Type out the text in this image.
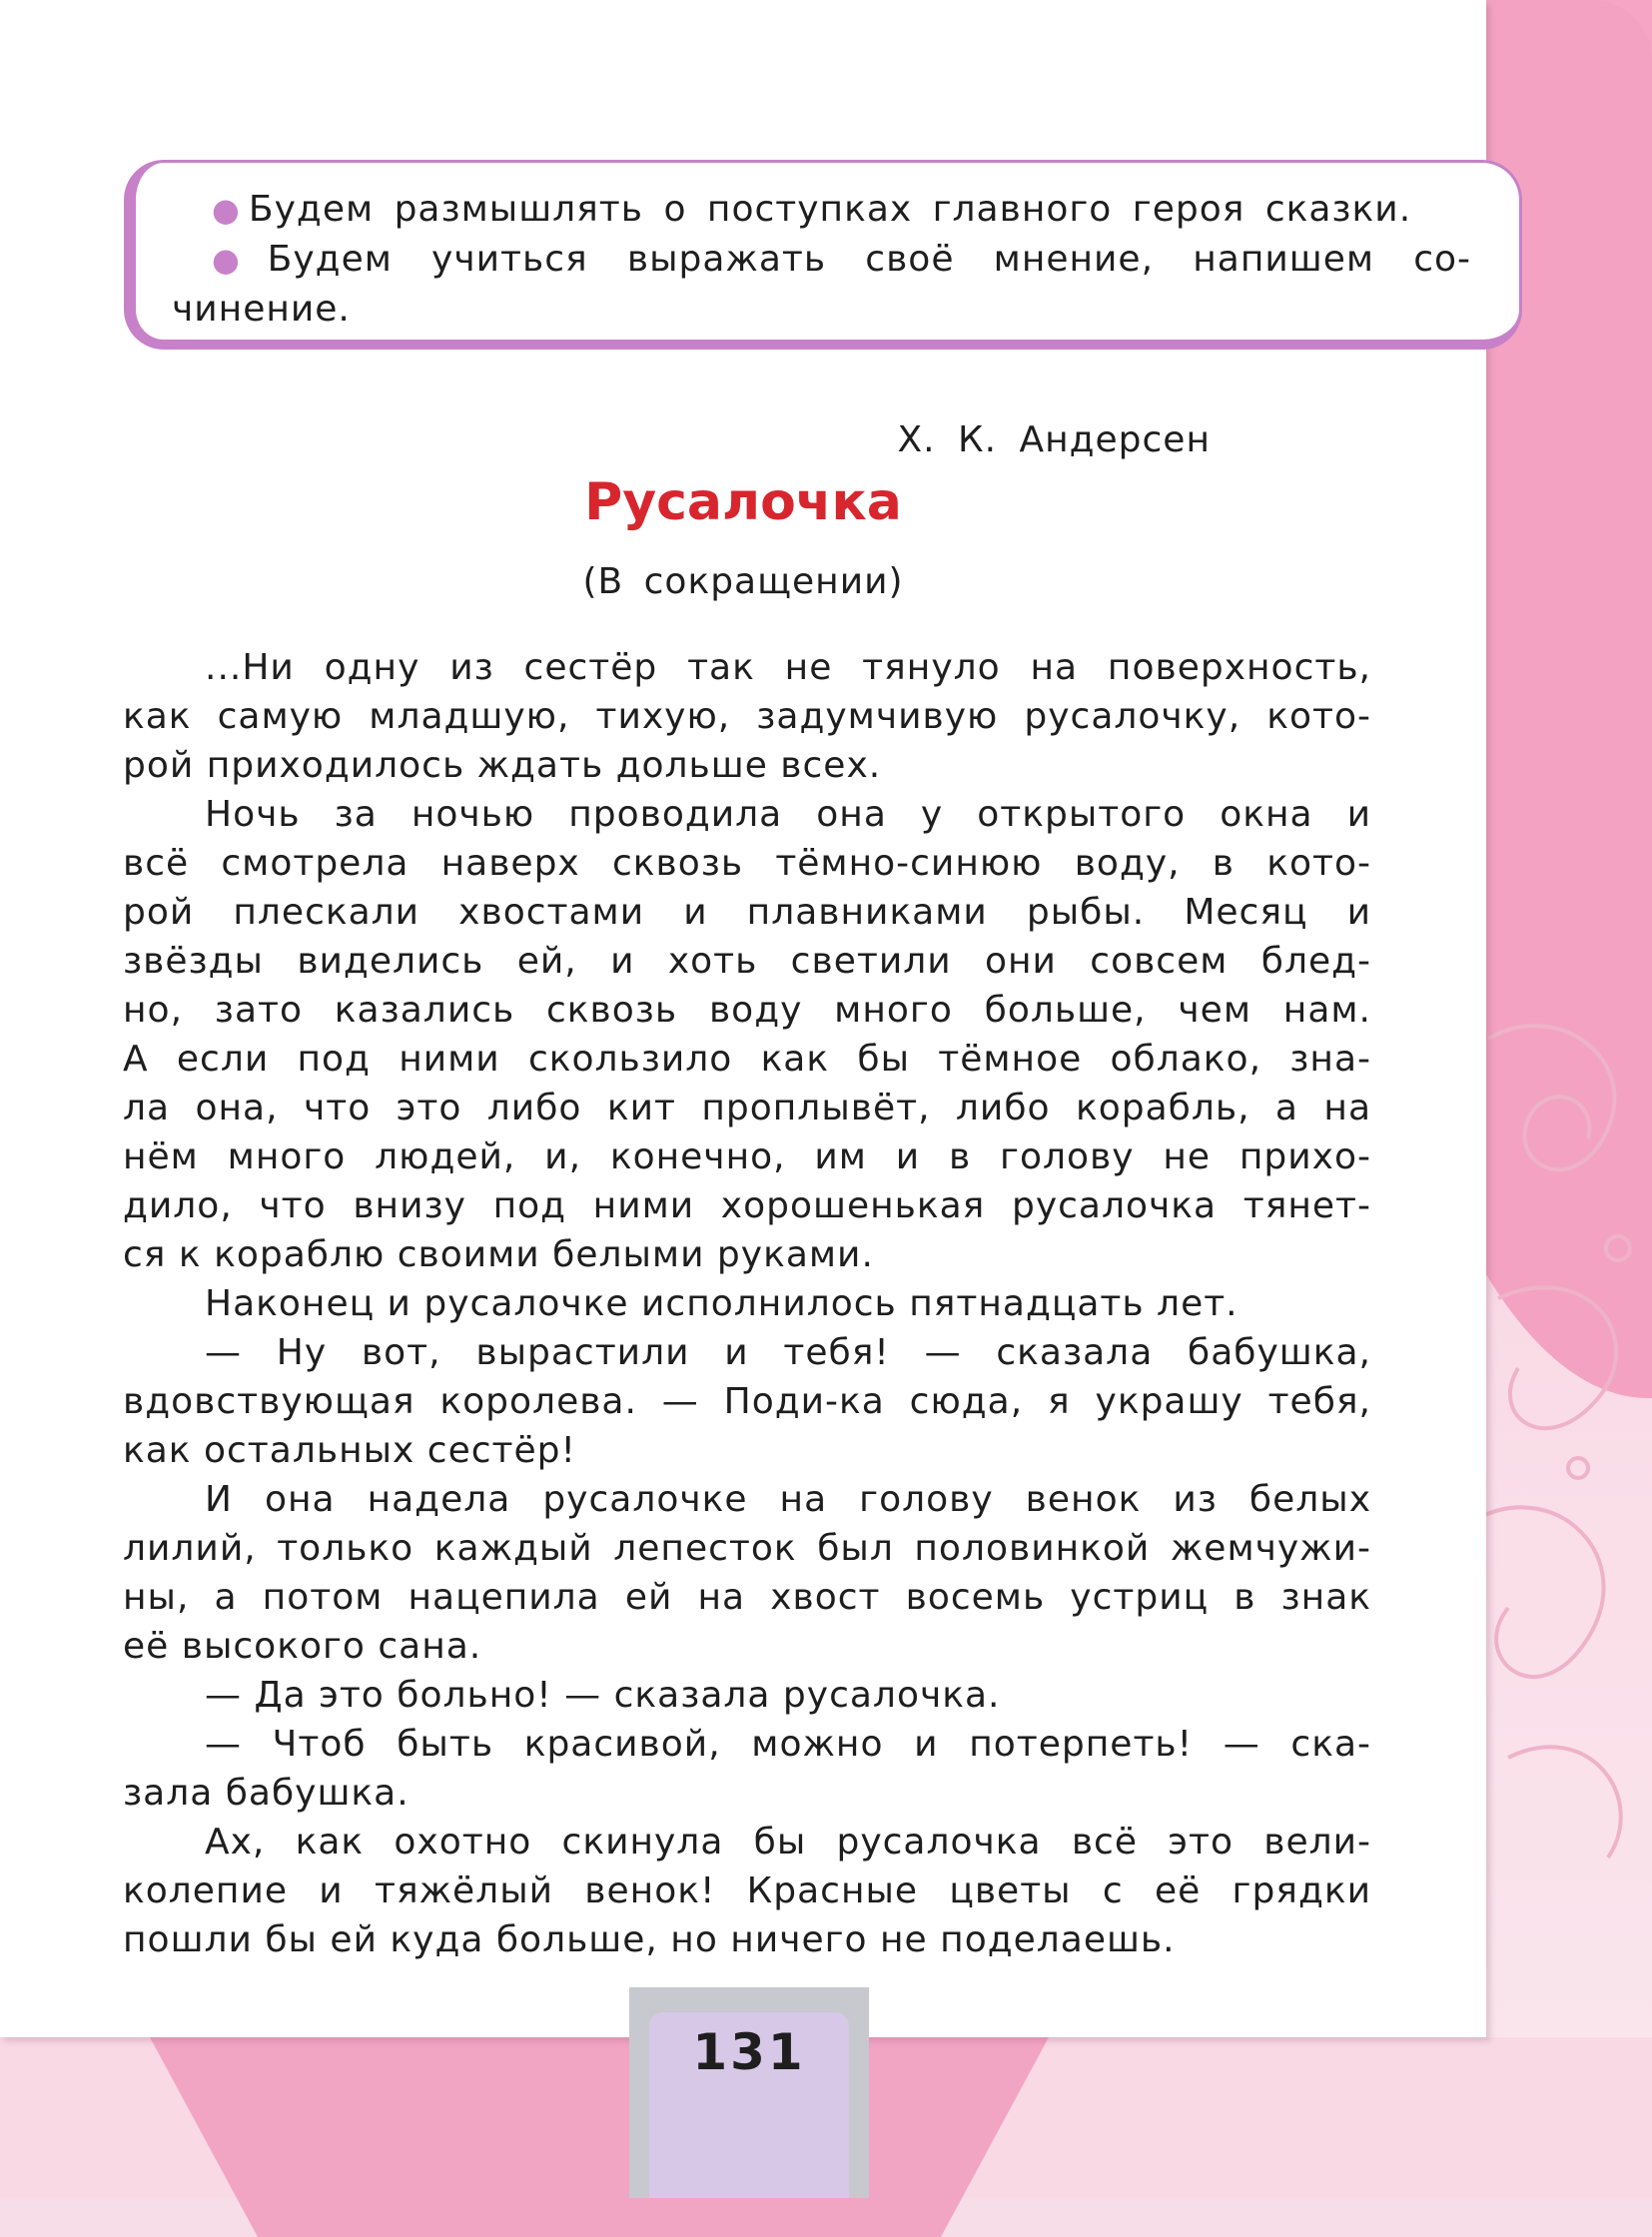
● Будем размышлять о поступках главного героя сказки.
● Будем учиться выражать своё мнение, напишем со-
чинение.
Х. К. Андерсен
Русалочка
(В сокращении)
...Ни одну из сестёр так не тянуло на поверхность,
как самую младшую, тихую, задумчивую русалочку, кото-
рой приходилось ждать дольше всех.
Ночь за ночью проводила она у открытого окна и
всё смотрела наверх сквозь тёмно-синюю воду, в кото-
рой плескали хвостами и плавниками рыбы. Месяц и
звёзды виделись ей, и хоть светили они совсем блед-
но, зато казались сквозь воду много больше, чем нам.
А если под ними скользило как бы тёмное облако, зна-
ла она, что это либо кит проплывёт, либо корабль, а на
нём много людей, и, конечно, им и в голову не прихо-
дило, что внизу под ними хорошенькая русалочка тянет-
ся к кораблю своими белыми руками.
Наконец и русалочке исполнилось пятнадцать лет.
— Ну вот, вырастили и тебя! — сказала бабушка,
вдовствующая королева. — Поди-ка сюда, я украшу тебя,
как остальных сестёр!
И она надела русалочке на голову венок из белых
лилий, только каждый лепесток был половинкой жемчужи-
ны, а потом нацепила ей на хвост восемь устриц в знак
её высокого сана.
— Да это больно! — сказала русалочка.
— Чтоб быть красивой, можно и потерпеть! — ска-
зала бабушка.
Ах, как охотно скинула бы русалочка всё это вели-
колепие и тяжёлый венок! Красные цветы с её грядки
пошли бы ей куда больше, но ничего не поделаешь.
131
